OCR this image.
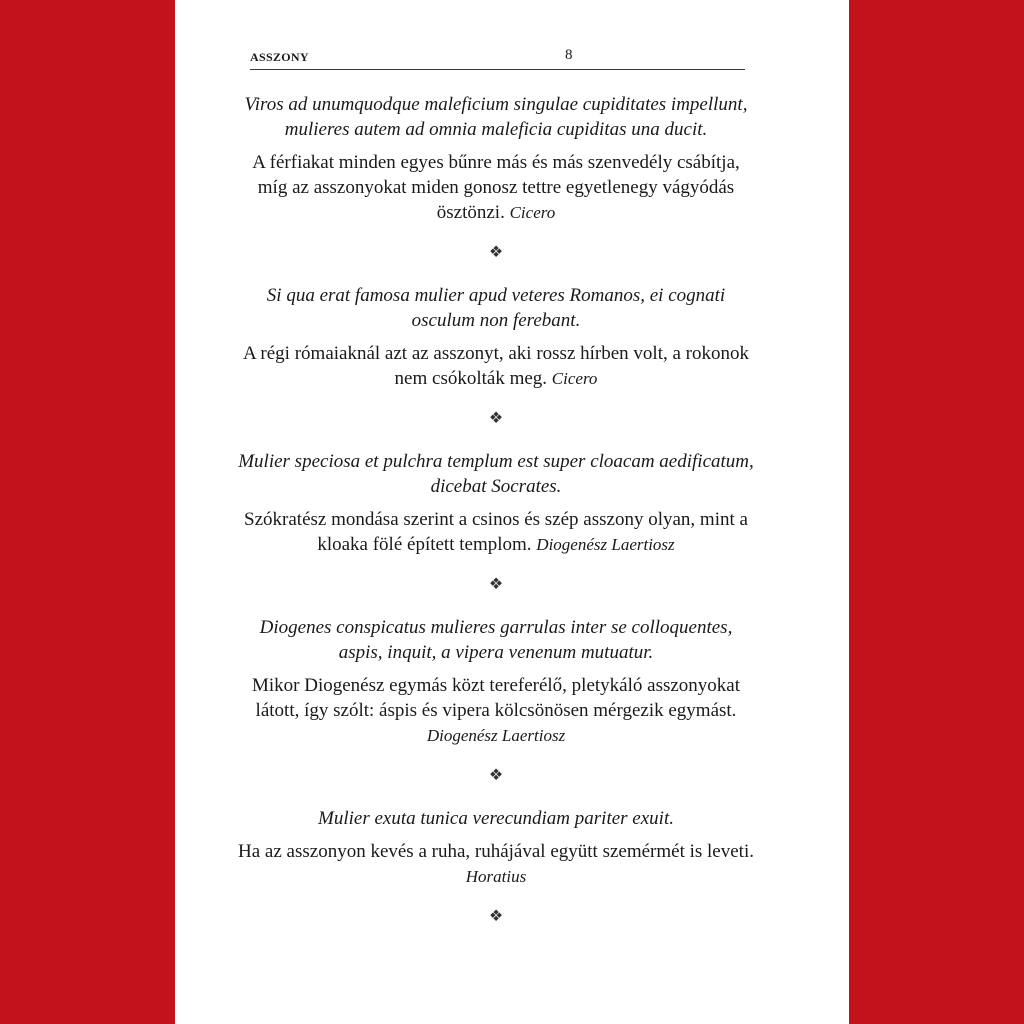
ASSZONY	8

Viros ad unumquodque maleficium singulae cupiditates impellunt, mulieres autem ad omnia maleficia cupiditas una ducit.

A férfiakat minden egyes bűnre más és más szenvedély csábítja, míg az asszonyokat miden gonosz tettre egyetlenegy vágyódás ösztönzi. Cicero

❖

Si qua erat famosa mulier apud veteres Romanos, ei cognati osculum non ferebant.

A régi rómaiaknál azt az asszonyt, aki rossz hírben volt, a rokonok nem csókolták meg. Cicero

❖

Mulier speciosa et pulchra templum est super cloacam aedificatum, dicebat Socrates.

Szókratész mondása szerint a csinos és szép asszony olyan, mint a kloaka fölé épített templom. Diogenész Laertiosz

❖

Diogenes conspicatus mulieres garrulas inter se colloquentes, aspis, inquit, a vipera venenum mutuatur.

Mikor Diogenész egymás közt tereferélő, pletykáló asszonyokat látott, így szólt: áspis és vipera kölcsönösen mérgezik egymást. Diogenész Laertiosz

❖

Mulier exuta tunica verecundiam pariter exuit.

Ha az asszonyon kevés a ruha, ruhájával együtt szemérmét is leveti. Horatius

❖
